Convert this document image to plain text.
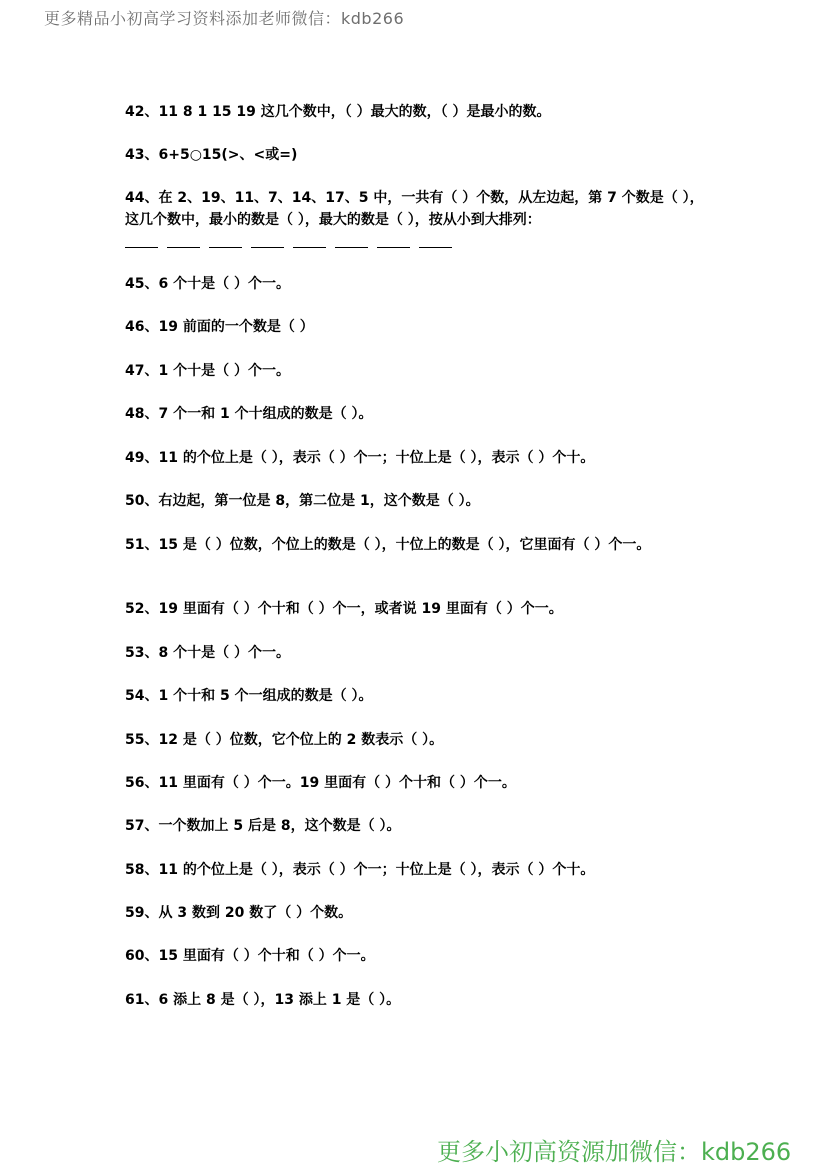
更多精品小初高学习资料添加老师微信：kdb266
42、11 8 1 15 19 这几个数中，（ ）最大的数，（ ）是最小的数。
43、6+5○15(>、<或=)
44、在 2、19、11、7、14、17、5 中，一共有（ ）个数，从左边起，第 7 个数是（ ），这几个数中，最小的数是（ ），最大的数是（ ），按从小到大排列：
45、6 个十是（ ）个一。
46、19 前面的一个数是（ ）
47、1 个十是（ ）个一。
48、7 个一和 1 个十组成的数是（ ）。
49、11 的个位上是（ ），表示（ ）个一；十位上是（ ），表示（ ）个十。
50、右边起，第一位是 8，第二位是 1，这个数是（ ）。
51、15 是（ ）位数，个位上的数是（ ），十位上的数是（ ），它里面有（ ）个一。
52、19 里面有（ ）个十和（ ）个一，或者说 19 里面有（ ）个一。
53、8 个十是（ ）个一。
54、1 个十和 5 个一组成的数是（ ）。
55、12 是（ ）位数，它个位上的 2 数表示（ ）。
56、11 里面有（ ）个一。19 里面有（ ）个十和（ ）个一。
57、一个数加上 5 后是 8，这个数是（ ）。
58、11 的个位上是（ ），表示（ ）个一；十位上是（ ），表示（ ）个十。
59、从 3 数到 20 数了（ ）个数。
60、15 里面有（ ）个十和（ ）个一。
61、6 添上 8 是（ ），13 添上 1 是（ ）。
更多小初高资源加微信：kdb266
